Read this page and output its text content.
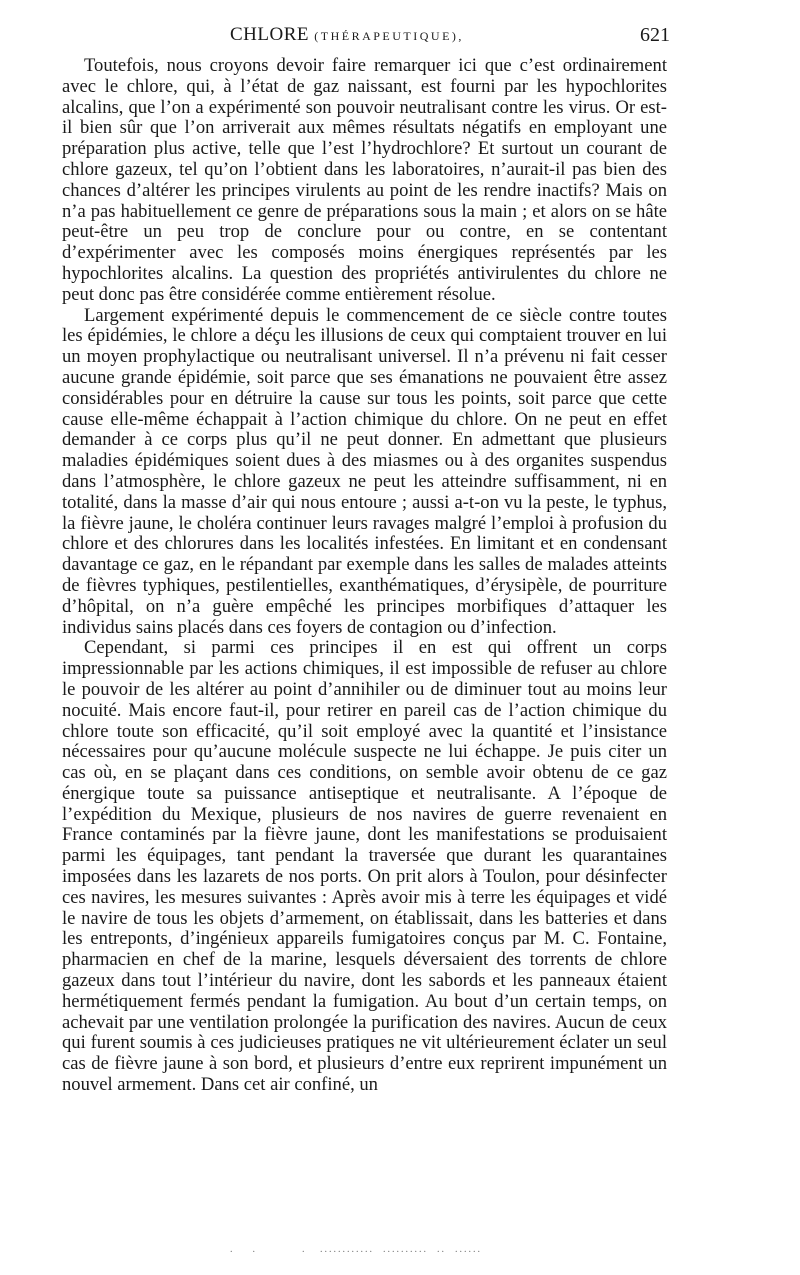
CHLORE (THÉRAPEUTIQUE),	621

Toutefois, nous croyons devoir faire remarquer ici que c’est ordinairement avec le chlore, qui, à l’état de gaz naissant, est fourni par les hypochlorites alcalins, que l’on a expérimenté son pouvoir neutralisant contre les virus. Or est-il bien sûr que l’on arriverait aux mêmes résultats négatifs en employant une préparation plus active, telle que l’est l’hydrochlore? Et surtout un courant de chlore gazeux, tel qu’on l’obtient dans les laboratoires, n’aurait-il pas bien des chances d’altérer les principes virulents au point de les rendre inactifs? Mais on n’a pas habituellement ce genre de préparations sous la main ; et alors on se hâte peut-être un peu trop de conclure pour ou contre, en se contentant d’expérimenter avec les composés moins énergiques représentés par les hypochlorites alcalins. La question des propriétés antivirulentes du chlore ne peut donc pas être considérée comme entièrement résolue.

Largement expérimenté depuis le commencement de ce siècle contre toutes les épidémies, le chlore a déçu les illusions de ceux qui comptaient trouver en lui un moyen prophylactique ou neutralisant universel. Il n’a prévenu ni fait cesser aucune grande épidémie, soit parce que ses émanations ne pouvaient être assez considérables pour en détruire la cause sur tous les points, soit parce que cette cause elle-même échappait à l’action chimique du chlore. On ne peut en effet demander à ce corps plus qu’il ne peut donner. En admettant que plusieurs maladies épidémiques soient dues à des miasmes ou à des organites suspendus dans l’atmosphère, le chlore gazeux ne peut les atteindre suffisamment, ni en totalité, dans la masse d’air qui nous entoure ; aussi a-t-on vu la peste, le typhus, la fièvre jaune, le choléra continuer leurs ravages malgré l’emploi à profusion du chlore et des chlorures dans les localités infestées. En limitant et en condensant davantage ce gaz, en le répandant par exemple dans les salles de malades atteints de fièvres typhiques, pestilentielles, exanthématiques, d’érysipèle, de pourriture d’hôpital, on n’a guère empêché les principes morbifiques d’attaquer les individus sains placés dans ces foyers de contagion ou d’infection.

Cependant, si parmi ces principes il en est qui offrent un corps impressionnable par les actions chimiques, il est impossible de refuser au chlore le pouvoir de les altérer au point d’annihiler ou de diminuer tout au moins leur nocuité. Mais encore faut-il, pour retirer en pareil cas de l’action chimique du chlore toute son efficacité, qu’il soit employé avec la quantité et l’insistance nécessaires pour qu’aucune molécule suspecte ne lui échappe. Je puis citer un cas où, en se plaçant dans ces conditions, on semble avoir obtenu de ce gaz énergique toute sa puissance antiseptique et neutralisante. A l’époque de l’expédition du Mexique, plusieurs de nos navires de guerre revenaient en France contaminés par la fièvre jaune, dont les manifestations se produisaient parmi les équipages, tant pendant la traversée que durant les quarantaines imposées dans les lazarets de nos ports. On prit alors à Toulon, pour désinfecter ces navires, les mesures suivantes : Après avoir mis à terre les équipages et vidé le navire de tous les objets d’armement, on établissait, dans les batteries et dans les entreponts, d’ingénieux appareils fumigatoires conçus par M. C. Fontaine, pharmacien en chef de la marine, lesquels déversaient des torrents de chlore gazeux dans tout l’intérieur du navire, dont les sabords et les panneaux étaient hermétiquement fermés pendant la fumigation. Au bout d’un certain temps, on achevait par une ventilation prolongée la purification des navires. Aucun de ceux qui furent soumis à ces judicieuses pratiques ne vit ultérieurement éclater un seul cas de fièvre jaune à son bord, et plusieurs d’entre eux reprirent impunément un nouvel armement. Dans cet air confiné, un

.    .          .   ............  ..........  ..  ......
